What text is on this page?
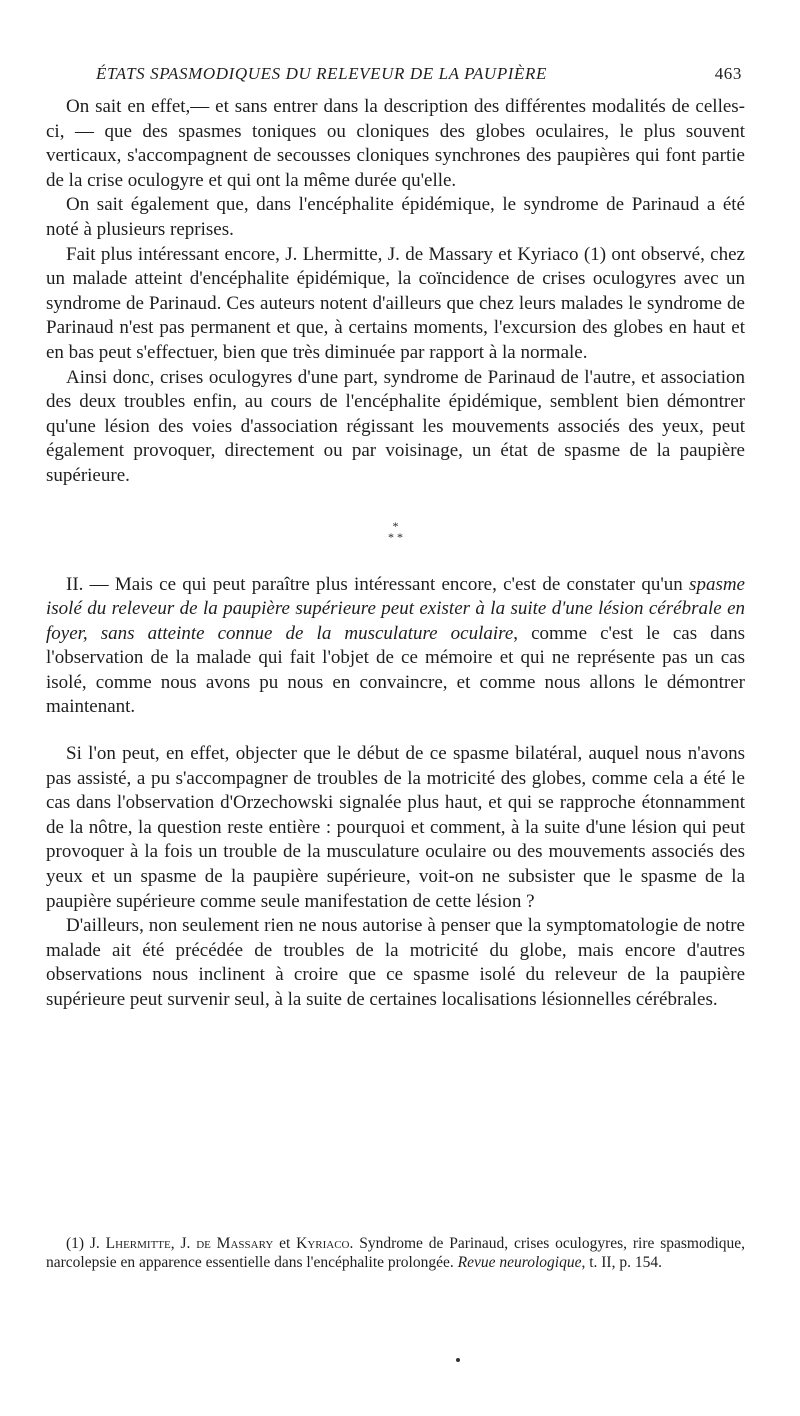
ÉTATS SPASMODIQUES DU RELEVEUR DE LA PAUPIÈRE	463

On sait en effet,— et sans entrer dans la description des différentes modalités de celles-ci, — que des spasmes toniques ou cloniques des globes oculaires, le plus souvent verticaux, s'accompagnent de secousses cloniques synchrones des paupières qui font partie de la crise oculogyre et qui ont la même durée qu'elle.

On sait également que, dans l'encéphalite épidémique, le syndrome de Parinaud a été noté à plusieurs reprises.

Fait plus intéressant encore, J. Lhermitte, J. de Massary et Kyriaco (1) ont observé, chez un malade atteint d'encéphalite épidémique, la coïncidence de crises oculogyres avec un syndrome de Parinaud. Ces auteurs notent d'ailleurs que chez leurs malades le syndrome de Parinaud n'est pas permanent et que, à certains moments, l'excursion des globes en haut et en bas peut s'effectuer, bien que très diminuée par rapport à la normale.

Ainsi donc, crises oculogyres d'une part, syndrome de Parinaud de l'autre, et association des deux troubles enfin, au cours de l'encéphalite épidémique, semblent bien démontrer qu'une lésion des voies d'association régissant les mouvements associés des yeux, peut également provoquer, directement ou par voisinage, un état de spasme de la paupière supérieure.

*
* *

II. — Mais ce qui peut paraître plus intéressant encore, c'est de constater qu'un spasme isolé du releveur de la paupière supérieure peut exister à la suite d'une lésion cérébrale en foyer, sans atteinte connue de la musculature oculaire, comme c'est le cas dans l'observation de la malade qui fait l'objet de ce mémoire et qui ne représente pas un cas isolé, comme nous avons pu nous en convaincre, et comme nous allons le démontrer maintenant.

Si l'on peut, en effet, objecter que le début de ce spasme bilatéral, auquel nous n'avons pas assisté, a pu s'accompagner de troubles de la motricité des globes, comme cela a été le cas dans l'observation d'Orzechowski signalée plus haut, et qui se rapproche étonnamment de la nôtre, la question reste entière : pourquoi et comment, à la suite d'une lésion qui peut provoquer à la fois un trouble de la musculature oculaire ou des mouvements associés des yeux et un spasme de la paupière supérieure, voit-on ne subsister que le spasme de la paupière supérieure comme seule manifestation de cette lésion ?

D'ailleurs, non seulement rien ne nous autorise à penser que la symptomatologie de notre malade ait été précédée de troubles de la motricité du globe, mais encore d'autres observations nous inclinent à croire que ce spasme isolé du releveur de la paupière supérieure peut survenir seul, à la suite de certaines localisations lésionnelles cérébrales.

(1) J. Lhermitte, J. de Massary et Kyriaco. Syndrome de Parinaud, crises oculogyres, rire spasmodique, narcolepsie en apparence essentielle dans l'encéphalite prolongée. Revue neurologique, t. II, p. 154.
